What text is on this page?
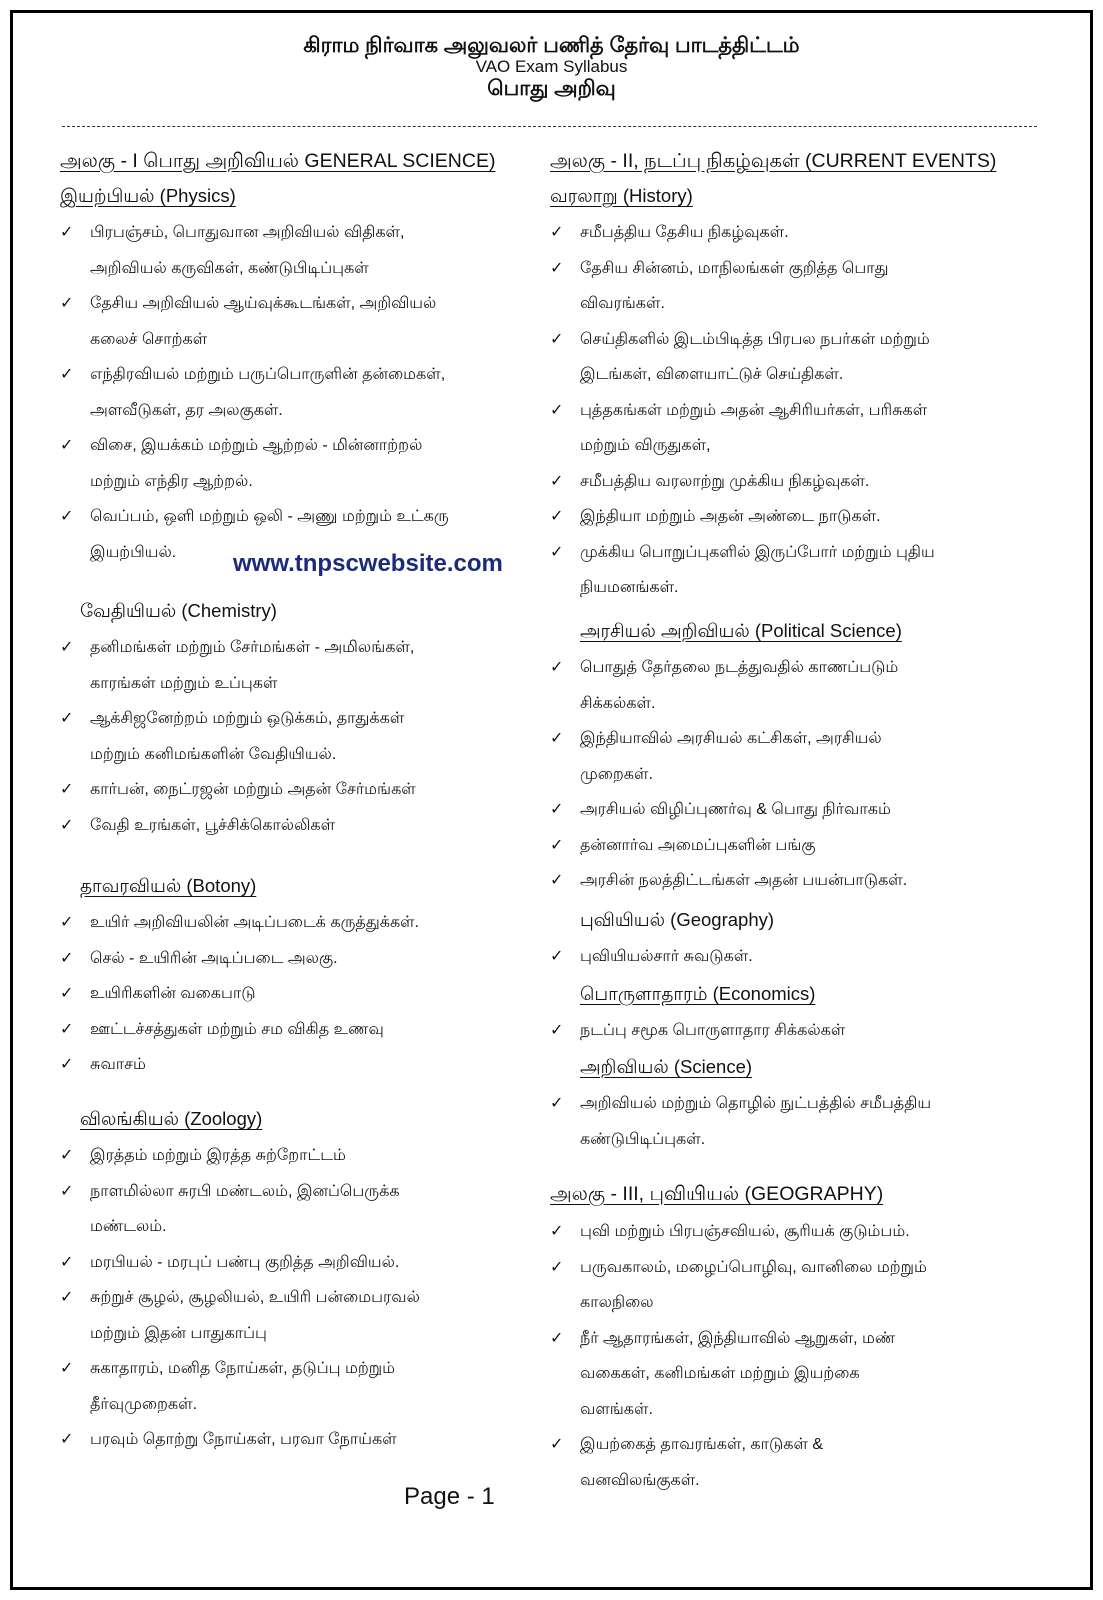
கிராம நிர்வாக அலுவலர் பணித் தேர்வு பாடத்திட்டம்
VAO Exam Syllabus
பொது அறிவு
அலகு - I பொது அறிவியல் GENERAL SCIENCE)
இயற்பியல் (Physics)
✓ பிரபஞ்சம், பொதுவான அறிவியல் விதிகள்,
அறிவியல் கருவிகள், கண்டுபிடிப்புகள்
✓ தேசிய அறிவியல் ஆய்வுக்கூடங்கள், அறிவியல்
கலைச் சொற்கள்
✓ எந்திரவியல் மற்றும் பருப்பொருளின் தன்மைகள்,
அளவீடுகள், தர அலகுகள்.
✓ விசை, இயக்கம் மற்றும் ஆற்றல் - மின்னாற்றல்
மற்றும் எந்திர ஆற்றல்.
✓ வெப்பம், ஒளி மற்றும் ஒலி - அணு மற்றும் உட்கரு
இயற்பியல்.
வேதியியல் (Chemistry)
✓ தனிமங்கள் மற்றும் சேர்மங்கள் - அமிலங்கள்,
காரங்கள் மற்றும் உப்புகள்
✓ ஆக்சிஜனேற்றம் மற்றும் ஒடுக்கம், தாதுக்கள்
மற்றும் கனிமங்களின் வேதியியல்.
✓ கார்பன், நைட்ரஜன் மற்றும் அதன் சேர்மங்கள்
✓ வேதி உரங்கள், பூச்சிக்கொல்லிகள்
தாவரவியல் (Botony)
✓ உயிர் அறிவியலின் அடிப்படைக் கருத்துக்கள்.
✓ செல் - உயிரின் அடிப்படை அலகு.
✓ உயிரிகளின் வகைபாடு
✓ ஊட்டச்சத்துகள் மற்றும் சம விகித உணவு
✓ சுவாசம்
விலங்கியல் (Zoology)
✓ இரத்தம் மற்றும் இரத்த சுற்றோட்டம்
✓ நாளமில்லா சுரபி மண்டலம், இனப்பெருக்க
மண்டலம்.
✓ மரபியல் - மரபுப் பண்பு குறித்த அறிவியல்.
✓ சுற்றுச் சூழல், சூழலியல், உயிரி பன்மைபரவல்
மற்றும் இதன் பாதுகாப்பு
✓ சுகாதாரம், மனித நோய்கள், தடுப்பு மற்றும்
தீர்வுமுறைகள்.
✓ பரவும் தொற்று நோய்கள், பரவா நோய்கள்
அலகு - II, நடப்பு நிகழ்வுகள் (CURRENT EVENTS)
வரலாறு (History)
✓ சமீபத்திய தேசிய நிகழ்வுகள்.
✓ தேசிய சின்னம், மாநிலங்கள் குறித்த பொது
விவரங்கள்.
✓ செய்திகளில் இடம்பிடித்த பிரபல நபர்கள் மற்றும்
இடங்கள், விளையாட்டுச் செய்திகள்.
✓ புத்தகங்கள் மற்றும் அதன் ஆசிரியர்கள், பரிசுகள்
மற்றும் விருதுகள்,
✓ சமீபத்திய வரலாற்று முக்கிய நிகழ்வுகள்.
✓ இந்தியா மற்றும் அதன் அண்டை நாடுகள்.
✓ முக்கிய பொறுப்புகளில் இருப்போர் மற்றும் புதிய
நியமனங்கள்.
அரசியல் அறிவியல் (Political Science)
✓ பொதுத் தேர்தலை நடத்துவதில் காணப்படும்
சிக்கல்கள்.
✓ இந்தியாவில் அரசியல் கட்சிகள், அரசியல்
முறைகள்.
✓ அரசியல் விழிப்புணர்வு & பொது நிர்வாகம்
✓ தன்னார்வ அமைப்புகளின் பங்கு
✓ அரசின் நலத்திட்டங்கள் அதன் பயன்பாடுகள்.
புவியியல் (Geography)
✓ புவியியல்சார் சுவடுகள்.
பொருளாதாரம் (Economics)
✓ நடப்பு சமூக பொருளாதார சிக்கல்கள்
அறிவியல் (Science)
✓ அறிவியல் மற்றும் தொழில் நுட்பத்தில் சமீபத்திய
கண்டுபிடிப்புகள்.
அலகு - III, புவியியல் (GEOGRAPHY)
✓ புவி மற்றும் பிரபஞ்சவியல், சூரியக் குடும்பம்.
✓ பருவகாலம், மழைப்பொழிவு, வானிலை மற்றும்
காலநிலை
✓ நீர் ஆதாரங்கள், இந்தியாவில் ஆறுகள், மண்
வகைகள், கனிமங்கள் மற்றும் இயற்கை
வளங்கள்.
✓ இயற்கைத் தாவரங்கள், காடுகள் &
வனவிலங்குகள்.
www.tnpscwebsite.com
Page - 1
